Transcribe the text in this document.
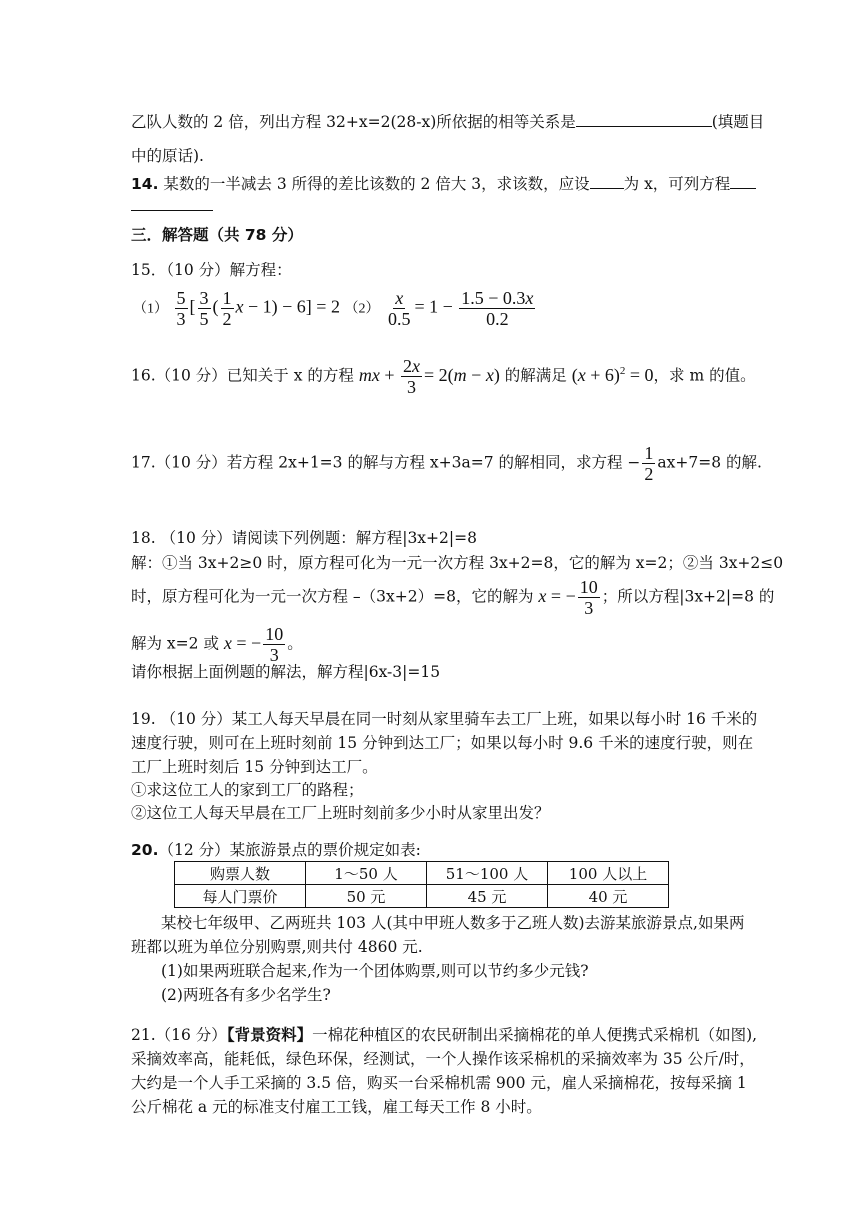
乙队人数的 2 倍，列出方程 32+x=2(28-x)所依据的相等关系是	(填题目
中的原话).
14. 某数的一半减去 3 所得的差比该数的 2 倍大 3，求该数，应设 为 x，可列方程
三．解答题（共 78 分）
15．（10 分）解方程：
$(1) \frac{5}{3}$ [ $\frac{3}{5}$ ( $\frac{1}{2}$ x − 1) − 6] = 2 $(2) \frac{x}{0.5} = 1 - \frac{1.5 - 0.3x}{0.2}$
16.（10 分）已知关于 x 的方程 mx + $\frac{2x}{3} = 2(m - x)$ 的解满足 $(x + 6)^2 = 0$，求 m 的值。
17.（10 分）若方程 2x+1=3 的解与方程 x+3a=7 的解相同，求方程 − $\frac{1}{2} ax+7=8$ 的解.
18. （10 分）请阅读下列例题：解方程|3x+2|=8
解：①当 3x+2≥0 时，原方程可化为一元一次方程 3x+2=8，它的解为 x=2；②当 3x+2≤0
时，原方程可化为一元一次方程 –（3x+2）=8，它的解为 x = − $\frac{10}{3}$ ；所以方程|3x+2|=8 的
解为 x=2 或 x = − $\frac{10}{3}$ 。
请你根据上面例题的解法，解方程|6x-3|=15
19. （10 分）某工人每天早晨在同一时刻从家里骑车去工厂上班，如果以每小时 16 千米的
速度行驶，则可在上班时刻前 15 分钟到达工厂；如果以每小时 9.6 千米的速度行驶，则在
工厂上班时刻后 15 分钟到达工厂。
①求这位工人的家到工厂的路程；
②这位工人每天早晨在工厂上班时刻前多少小时从家里出发？
20.（12 分）某旅游景点的票价规定如表:
购票人数	1～50 人	51～100 人	100 人以上
每人门票价	50 元	45 元	40 元
某校七年级甲、乙两班共 103 人(其中甲班人数多于乙班人数)去游某旅游景点,如果两
班都以班为单位分别购票,则共付 4860 元.
(1)如果两班联合起来,作为一个团体购票,则可以节约多少元钱?
(2)两班各有多少名学生?
21.（16 分）【背景资料】一棉花种植区的农民研制出采摘棉花的单人便携式采棉机（如图),
采摘效率高，能耗低，绿色环保，经测试，一个人操作该采棉机的采摘效率为 35 公斤/时，
大约是一个人手工采摘的 3.5 倍，购买一台采棉机需 900 元，雇人采摘棉花，按每采摘 1
公斤棉花 a 元的标准支付雇工工钱，雇工每天工作 8 小时。
